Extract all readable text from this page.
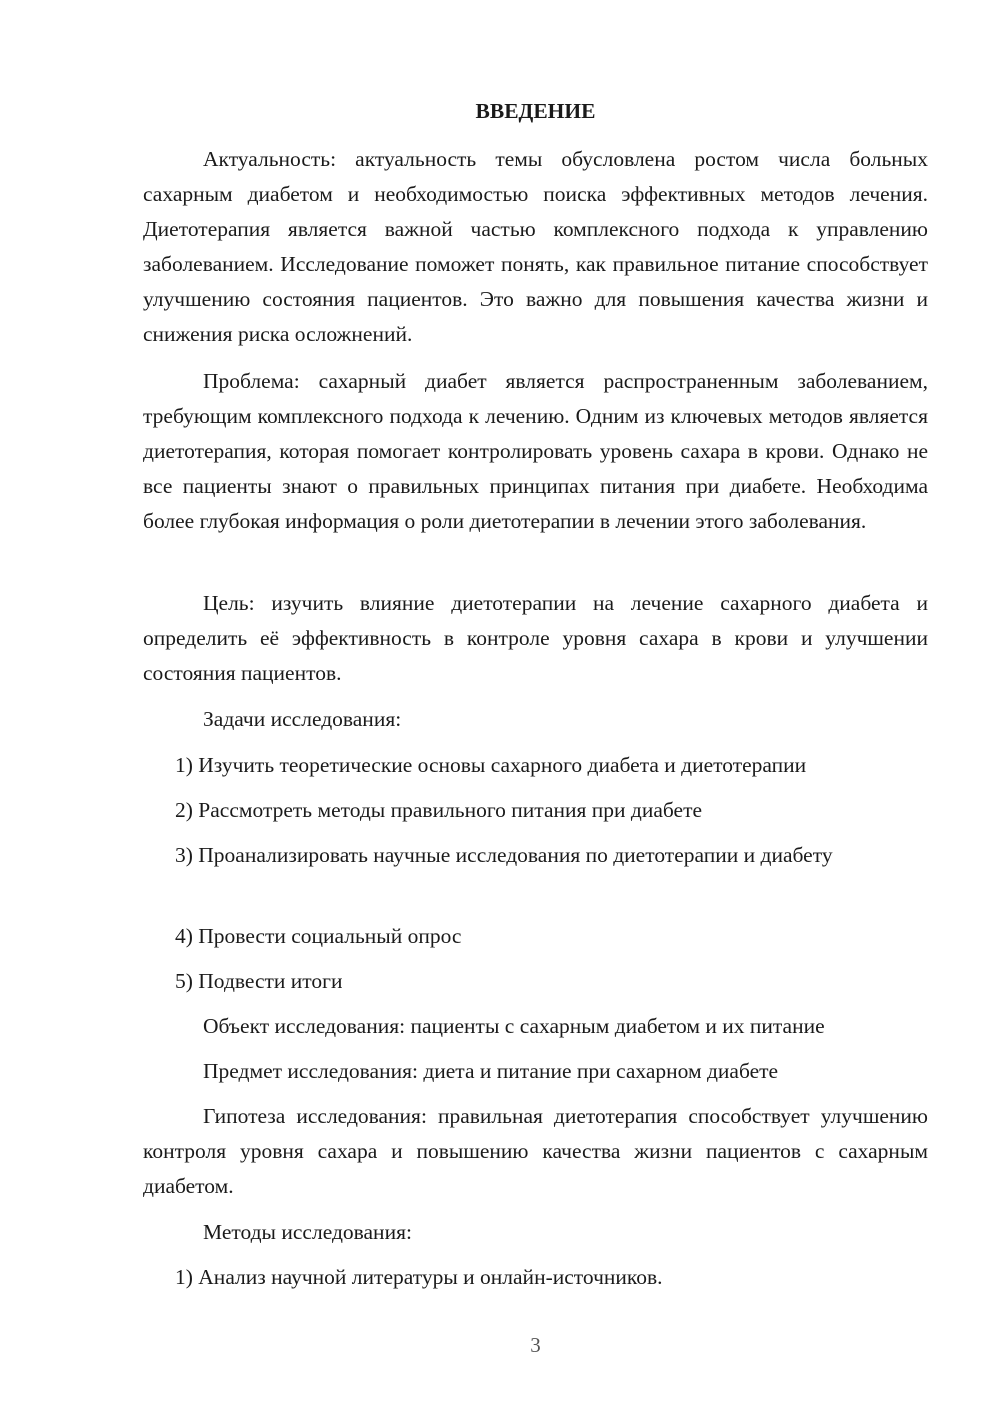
ВВЕДЕНИЕ

Актуальность: актуальность темы обусловлена ростом числа больных сахарным диабетом и необходимостью поиска эффективных методов лечения. Диетотерапия является важной частью комплексного подхода к управлению заболеванием. Исследование поможет понять, как правильное питание способствует улучшению состояния пациентов. Это важно для повышения качества жизни и снижения риска осложнений.

Проблема: сахарный диабет является распространенным заболеванием, требующим комплексного подхода к лечению. Одним из ключевых методов является диетотерапия, которая помогает контролировать уровень сахара в крови. Однако не все пациенты знают о правильных принципах питания при диабете. Необходима более глубокая информация о роли диетотерапии в лечении этого заболевания.

Цель: изучить влияние диетотерапии на лечение сахарного диабета и определить её эффективность в контроле уровня сахара в крови и улучшении состояния пациентов.

Задачи исследования:

1) Изучить теоретические основы сахарного диабета и диетотерапии

2) Рассмотреть методы правильного питания при диабете

3) Проанализировать научные исследования по диетотерапии и диабету

4) Провести социальный опрос

5) Подвести итоги

Объект исследования: пациенты с сахарным диабетом и их питание

Предмет исследования: диета и питание при сахарном диабете

Гипотеза исследования: правильная диетотерапия способствует улучшению контроля уровня сахара и повышению качества жизни пациентов с сахарным диабетом.

Методы исследования:

1) Анализ научной литературы и онлайн-источников.

3
